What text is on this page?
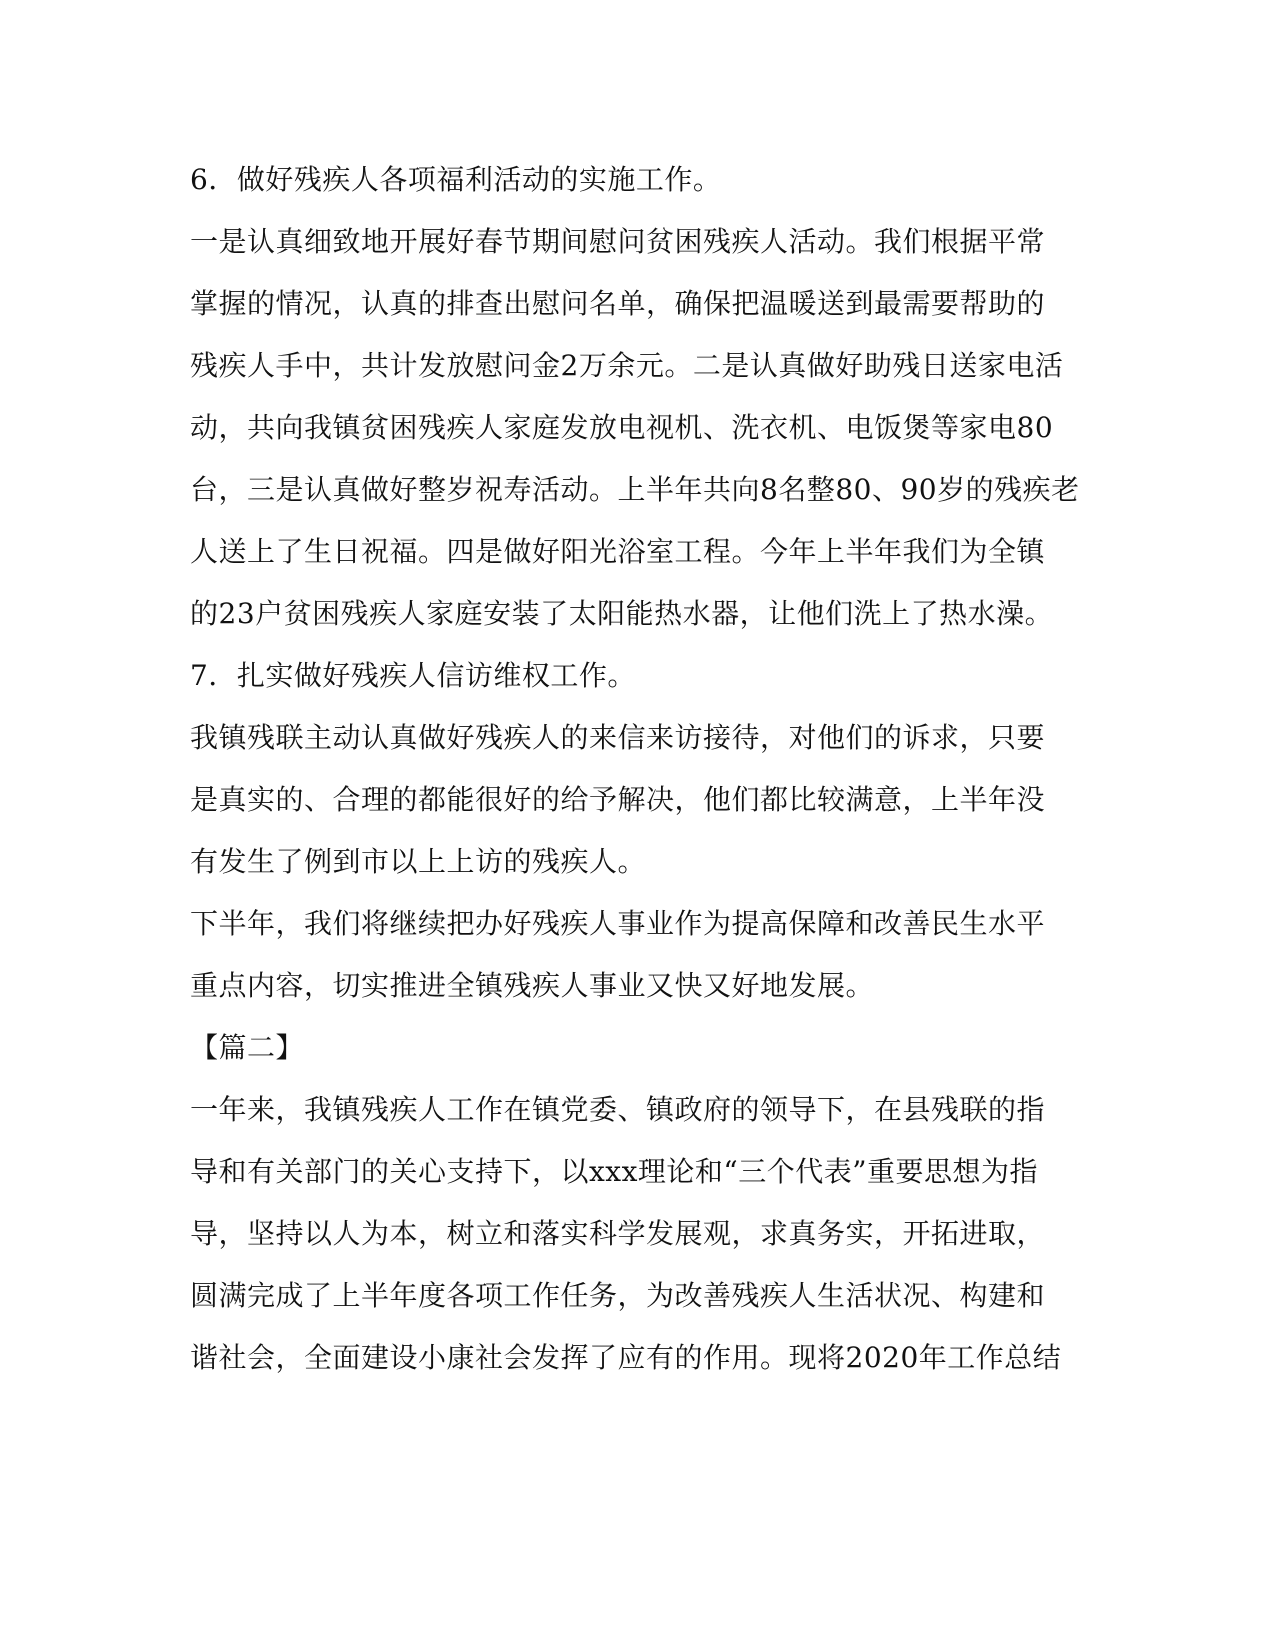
6．做好残疾人各项福利活动的实施工作。
一是认真细致地开展好春节期间慰问贫困残疾人活动。我们根据平常
掌握的情况，认真的排查出慰问名单，确保把温暖送到最需要帮助的
残疾人手中，共计发放慰问金2万余元。二是认真做好助残日送家电活
动，共向我镇贫困残疾人家庭发放电视机、洗衣机、电饭煲等家电80
台，三是认真做好整岁祝寿活动。上半年共向8名整80、90岁的残疾老
人送上了生日祝福。四是做好阳光浴室工程。今年上半年我们为全镇
的23户贫困残疾人家庭安装了太阳能热水器，让他们洗上了热水澡。
7．扎实做好残疾人信访维权工作。
我镇残联主动认真做好残疾人的来信来访接待，对他们的诉求，只要
是真实的、合理的都能很好的给予解决，他们都比较满意，上半年没
有发生了例到市以上上访的残疾人。
下半年，我们将继续把办好残疾人事业作为提高保障和改善民生水平
重点内容，切实推进全镇残疾人事业又快又好地发展。
【篇二】
一年来，我镇残疾人工作在镇党委、镇政府的领导下，在县残联的指
导和有关部门的关心支持下，以xxx理论和“三个代表”重要思想为指
导，坚持以人为本，树立和落实科学发展观，求真务实，开拓进取，
圆满完成了上半年度各项工作任务，为改善残疾人生活状况、构建和
谐社会，全面建设小康社会发挥了应有的作用。现将2020年工作总结
